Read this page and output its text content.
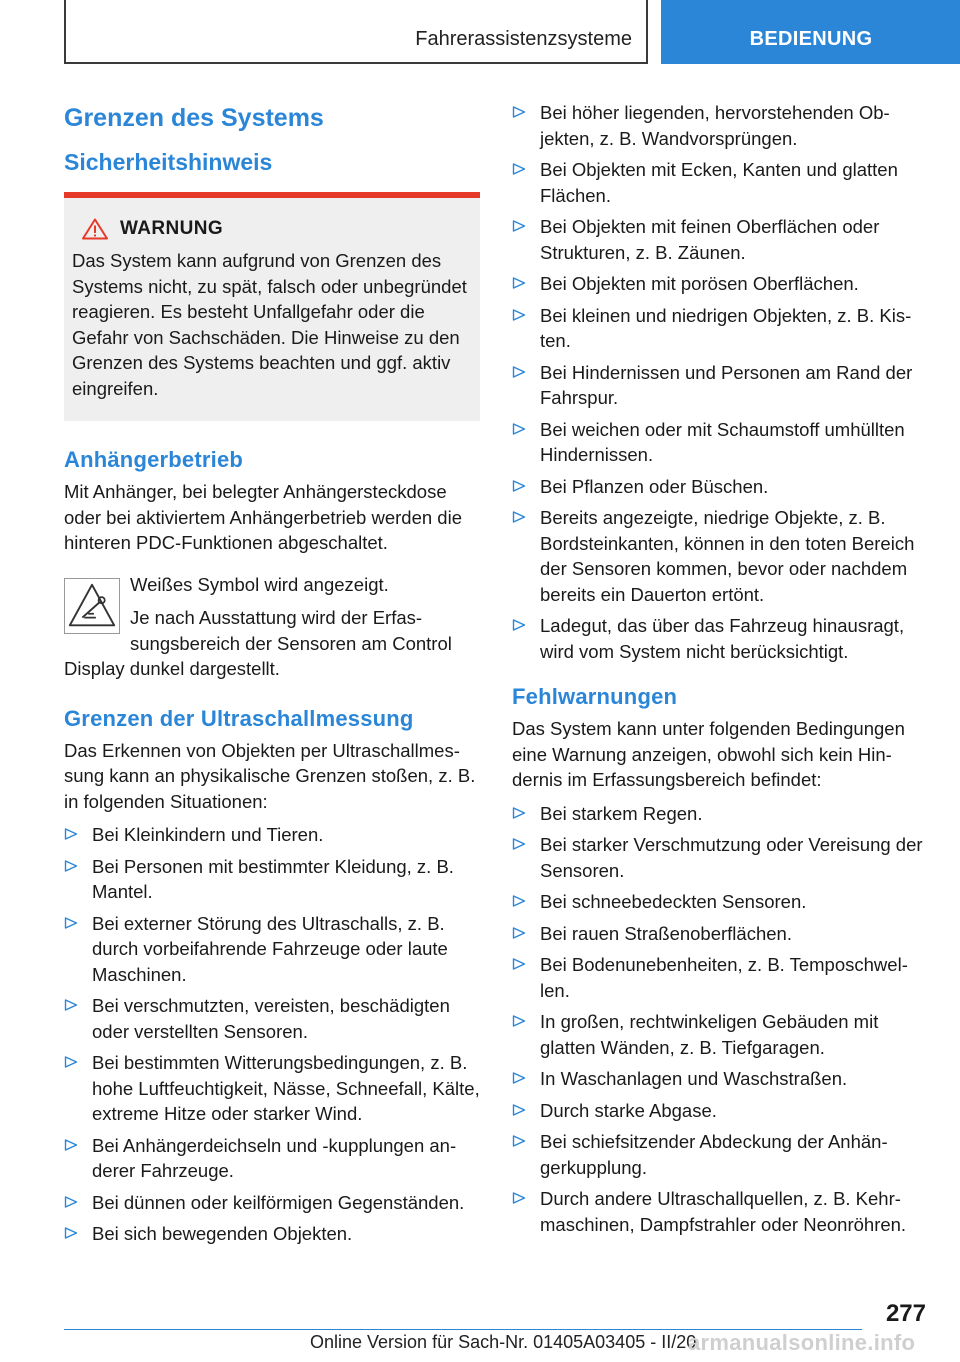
Fahrerassistenzsysteme	BEDIENUNG
Grenzen des Systems
Sicherheitshinweis
WARNUNG

Das System kann aufgrund von Grenzen des Systems nicht, zu spät, falsch oder unbegründet reagieren. Es besteht Unfallgefahr oder die Gefahr von Sachschäden. Die Hinweise zu den Grenzen des Systems beachten und ggf. aktiv eingreifen.

Anhängerbetrieb

Mit Anhänger, bei belegter Anhängersteckdose oder bei aktiviertem Anhängerbetrieb werden die hinteren PDC-Funktionen abgeschaltet.

Weißes Symbol wird angezeigt.

Je nach Ausstattung wird der Erfassungsbereich der Sensoren am Control Display dunkel dargestellt.

Grenzen der Ultraschallmessung

Das Erkennen von Objekten per Ultraschallmessung kann an physikalische Grenzen stoßen, z. B. in folgenden Situationen:

Bei Kleinkindern und Tieren.
Bei Personen mit bestimmter Kleidung, z. B. Mantel.
Bei externer Störung des Ultraschalls, z. B. durch vorbeifahrende Fahrzeuge oder laute Maschinen.
Bei verschmutzten, vereisten, beschädigten oder verstellten Sensoren.
Bei bestimmten Witterungsbedingungen, z. B. hohe Luftfeuchtigkeit, Nässe, Schneefall, Kälte, extreme Hitze oder starker Wind.
Bei Anhängerdeichseln und -kupplungen anderer Fahrzeuge.
Bei dünnen oder keilförmigen Gegenständen.
Bei sich bewegenden Objekten.
Bei höher liegenden, hervorstehenden Objekten, z. B. Wandvorsprüngen.
Bei Objekten mit Ecken, Kanten und glatten Flächen.
Bei Objekten mit feinen Oberflächen oder Strukturen, z. B. Zäunen.
Bei Objekten mit porösen Oberflächen.
Bei kleinen und niedrigen Objekten, z. B. Kisten.
Bei Hindernissen und Personen am Rand der Fahrspur.
Bei weichen oder mit Schaumstoff umhüllten Hindernissen.
Bei Pflanzen oder Büschen.
Bereits angezeigte, niedrige Objekte, z. B. Bordsteinkanten, können in den toten Bereich der Sensoren kommen, bevor oder nachdem bereits ein Dauerton ertönt.
Ladegut, das über das Fahrzeug hinausragt, wird vom System nicht berücksichtigt.
Fehlwarnungen

Das System kann unter folgenden Bedingungen eine Warnung anzeigen, obwohl sich kein Hindernis im Erfassungsbereich befindet:

Bei starkem Regen.
Bei starker Verschmutzung oder Vereisung der Sensoren.
Bei schneebedeckten Sensoren.
Bei rauen Straßenoberflächen.
Bei Bodenunebenheiten, z. B. Temposchwellen.
In großen, rechtwinkeligen Gebäuden mit glatten Wänden, z. B. Tiefgaragen.
In Waschanlagen und Waschstraßen.
Durch starke Abgase.
Bei schiefsitzender Abdeckung der Anhängerkupplung.
Durch andere Ultraschallquellen, z. B. Kehrmaschinen, Dampfstrahler oder Neonröhren.
277
Online Version für Sach-Nr. 01405A03405 - II/20
armanualsonline.info
